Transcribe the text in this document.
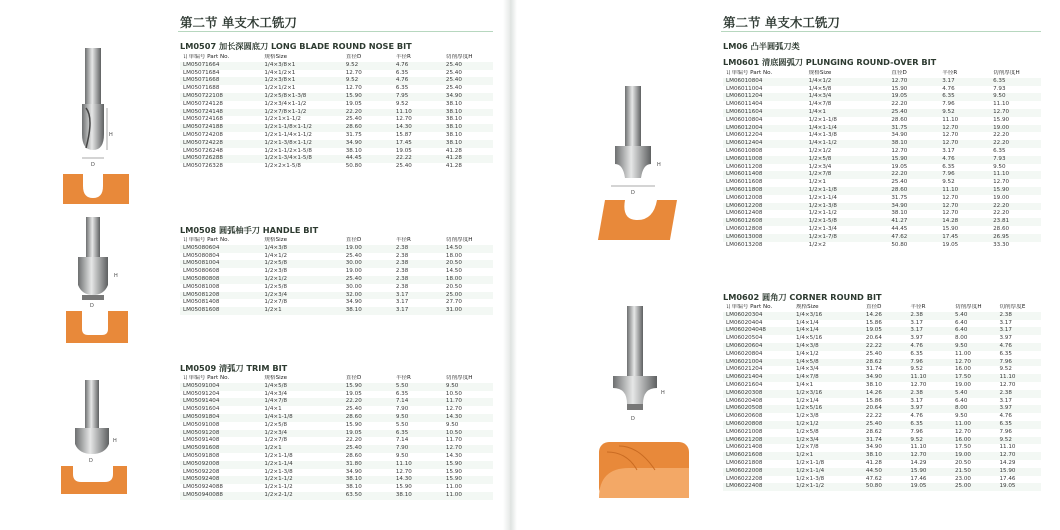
第二节 单支木工铣刀
H
D
H
D
H
D
LM0507 加长深圆底刀 LONG BLADE ROUND NOSE BIT
订单编号 Part No.	规格Size	直径D	半径R	切削厚度H
LM05071664	1/4×3/8×1	9.52	4.76	25.40
LM05071684	1/4×1/2×1	12.70	6.35	25.40
LM05071668	1/2×3/8×1	9.52	4.76	25.40
LM05071688	1/2×1/2×1	12.70	6.35	25.40
LM050722108	1/2×5/8×1-3/8	15.90	7.95	34.90
LM050724128	1/2×3/4×1-1/2	19.05	9.52	38.10
LM050724148	1/2×7/8×1-1/2	22.20	11.10	38.10
LM050724168	1/2×1×1-1/2	25.40	12.70	38.10
LM050724188	1/2×1-1/8×1-1/2	28.60	14.30	38.10
LM050724208	1/2×1-1/4×1-1/2	31.75	15.87	38.10
LM050724228	1/2×1-3/8×1-1/2	34.90	17.45	38.10
LM050726248	1/2×1-1/2×1-5/8	38.10	19.05	41.28
LM050726288	1/2×1-3/4×1-5/8	44.45	22.22	41.28
LM050726328	1/2×2×1-5/8	50.80	25.40	41.28
LM0508 圆弧柚手刀 HANDLE BIT
订单编号 Part No.	规格Size	直径D	半径R	切削厚度H
LM05080604	1/4×3/8	19.00	2.38	14.50
LM05080804	1/4×1/2	25.40	2.38	18.00
LM05081004	1/2×5/8	30.00	2.38	20.50
LM05080608	1/2×3/8	19.00	2.38	14.50
LM05080808	1/2×1/2	25.40	2.38	18.00
LM05081008	1/2×5/8	30.00	2.38	20.50
LM05081208	1/2×3/4	32.00	3.17	25.00
LM05081408	1/2×7/8	34.90	3.17	27.70
LM05081608	1/2×1	38.10	3.17	31.00
LM0509 清弧刀 TRIM BIT
订单编号 Part No.	规格Size	直径D	半径R	切削厚度H
LM05091004	1/4×5/8	15.90	5.50	9.50
LM05091204	1/4×3/4	19.05	6.35	10.50
LM05091404	1/4×7/8	22.20	7.14	11.70
LM05091604	1/4×1	25.40	7.90	12.70
LM05091804	1/4×1-1/8	28.60	9.50	14.30
LM05091008	1/2×5/8	15.90	5.50	9.50
LM05091208	1/2×3/4	19.05	6.35	10.50
LM05091408	1/2×7/8	22.20	7.14	11.70
LM05091608	1/2×1	25.40	7.90	12.70
LM05091808	1/2×1-1/8	28.60	9.50	14.30
LM05092008	1/2×1-1/4	31.80	11.10	15.90
LM05092208	1/2×1-3/8	34.90	12.70	15.90
LM05092408	1/2×1-1/2	38.10	14.30	15.90
LM050924088	1/2×1-1/2	38.10	15.90	11.00
LM050940088	1/2×2-1/2	63.50	38.10	11.00
第二节 单支木工铣刀
LM06 凸半圆弧刀类
D
H
H
D
LM0601 清底圆弧刀 PLUNGING ROUND-OVER BIT
订单编号 Part No.	规格Size	直径D	半径R	切削厚度H
LM06010804	1/4×1/2	12.70	3.17	6.35
LM06011004	1/4×5/8	15.90	4.76	7.93
LM06011204	1/4×3/4	19.05	6.35	9.50
LM06011404	1/4×7/8	22.20	7.96	11.10
LM06011604	1/4×1	25.40	9.52	12.70
LM06010804	1/2×1-1/8	28.60	11.10	15.90
LM06012004	1/4×1-1/4	31.75	12.70	19.00
LM06012204	1/4×1-3/8	34.90	12.70	22.20
LM06012404	1/4×1-1/2	38.10	12.70	22.20
LM06010808	1/2×1/2	12.70	3.17	6.35
LM06011008	1/2×5/8	15.90	4.76	7.93
LM06011208	1/2×3/4	19.05	6.35	9.50
LM06011408	1/2×7/8	22.20	7.96	11.10
LM06011608	1/2×1	25.40	9.52	12.70
LM06011808	1/2×1-1/8	28.60	11.10	15.90
LM06012008	1/2×1-1/4	31.75	12.70	19.00
LM06012208	1/2×1-3/8	34.90	12.70	22.20
LM06012408	1/2×1-1/2	38.10	12.70	22.20
LM06012608	1/2×1-5/8	41.27	14.28	23.81
LM06012808	1/2×1-3/4	44.45	15.90	28.60
LM06013008	1/2×1-7/8	47.62	17.45	26.95
LM06013208	1/2×2	50.80	19.05	33.30
LM0602 圆角刀 CORNER ROUND BIT
订单编号 Part No.	规格Size	直径D	半径R	切削厚度H	切削厚度E
LM06020304	1/4×3/16	14.26	2.38	5.40	2.38
LM06020404	1/4×1/4	15.86	3.17	6.40	3.17
LM060204048	1/4×1/4	19.05	3.17	6.40	3.17
LM06020504	1/4×5/16	20.64	3.97	8.00	3.97
LM06020604	1/4×3/8	22.22	4.76	9.50	4.76
LM06020804	1/4×1/2	25.40	6.35	11.00	6.35
LM06021004	1/4×5/8	28.62	7.96	12.70	7.96
LM06021204	1/4×3/4	31.74	9.52	16.00	9.52
LM06021404	1/4×7/8	34.90	11.10	17.50	11.10
LM06021604	1/4×1	38.10	12.70	19.00	12.70
LM06020308	1/2×3/16	14.26	2.38	5.40	2.38
LM06020408	1/2×1/4	15.86	3.17	6.40	3.17
LM06020508	1/2×5/16	20.64	3.97	8.00	3.97
LM06020608	1/2×3/8	22.22	4.76	9.50	4.76
LM06020808	1/2×1/2	25.40	6.35	11.00	6.35
LM06021008	1/2×5/8	28.62	7.96	12.70	7.96
LM06021208	1/2×3/4	31.74	9.52	16.00	9.52
LM06021408	1/2×7/8	34.90	11.10	17.50	11.10
LM06021608	1/2×1	38.10	12.70	19.00	12.70
LM06021808	1/2×1-1/8	41.28	14.29	20.50	14.29
LM06022008	1/2×1-1/4	44.50	15.90	21.50	15.90
LM06022208	1/2×1-3/8	47.62	17.46	23.00	17.46
LM06022408	1/2×1-1/2	50.80	19.05	25.00	19.05
